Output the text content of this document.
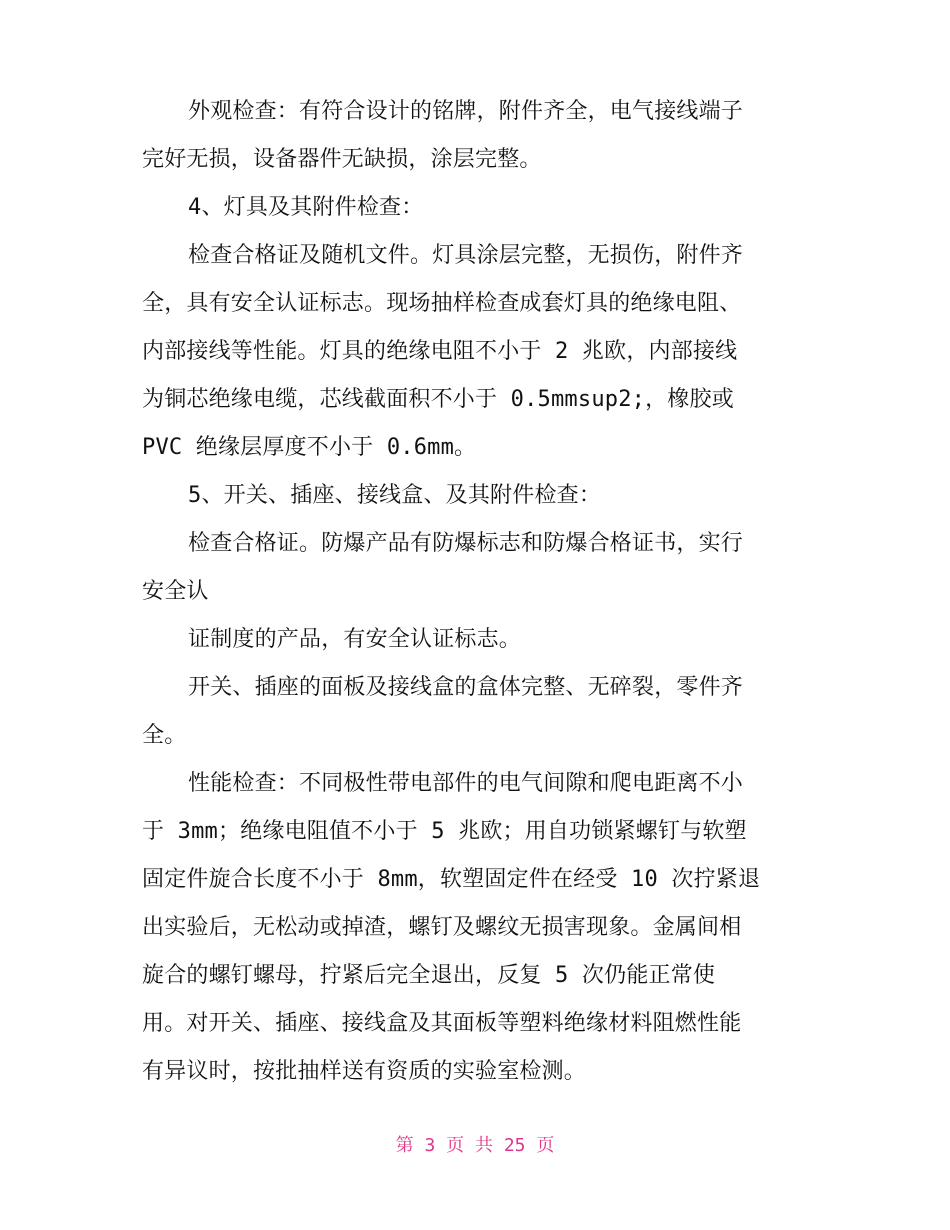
外观检查：有符合设计的铭牌，附件齐全，电气接线端子
完好无损，设备器件无缺损，涂层完整。
4、灯具及其附件检查：
检查合格证及随机文件。灯具涂层完整，无损伤，附件齐
全，具有安全认证标志。现场抽样检查成套灯具的绝缘电阻、
内部接线等性能。灯具的绝缘电阻不小于 2 兆欧，内部接线
为铜芯绝缘电缆，芯线截面积不小于 0.5mmsup2;，橡胶或
PVC 绝缘层厚度不小于 0.6mm。
5、开关、插座、接线盒、及其附件检查：
检查合格证。防爆产品有防爆标志和防爆合格证书，实行
安全认
证制度的产品，有安全认证标志。
开关、插座的面板及接线盒的盒体完整、无碎裂，零件齐
全。
性能检查：不同极性带电部件的电气间隙和爬电距离不小
于 3mm；绝缘电阻值不小于 5 兆欧；用自功锁紧螺钉与软塑
固定件旋合长度不小于 8mm，软塑固定件在经受 10 次拧紧退
出实验后，无松动或掉渣，螺钉及螺纹无损害现象。金属间相
旋合的螺钉螺母，拧紧后完全退出，反复 5 次仍能正常使
用。对开关、插座、接线盒及其面板等塑料绝缘材料阻燃性能
有异议时，按批抽样送有资质的实验室检测。
第 3 页 共 25 页
